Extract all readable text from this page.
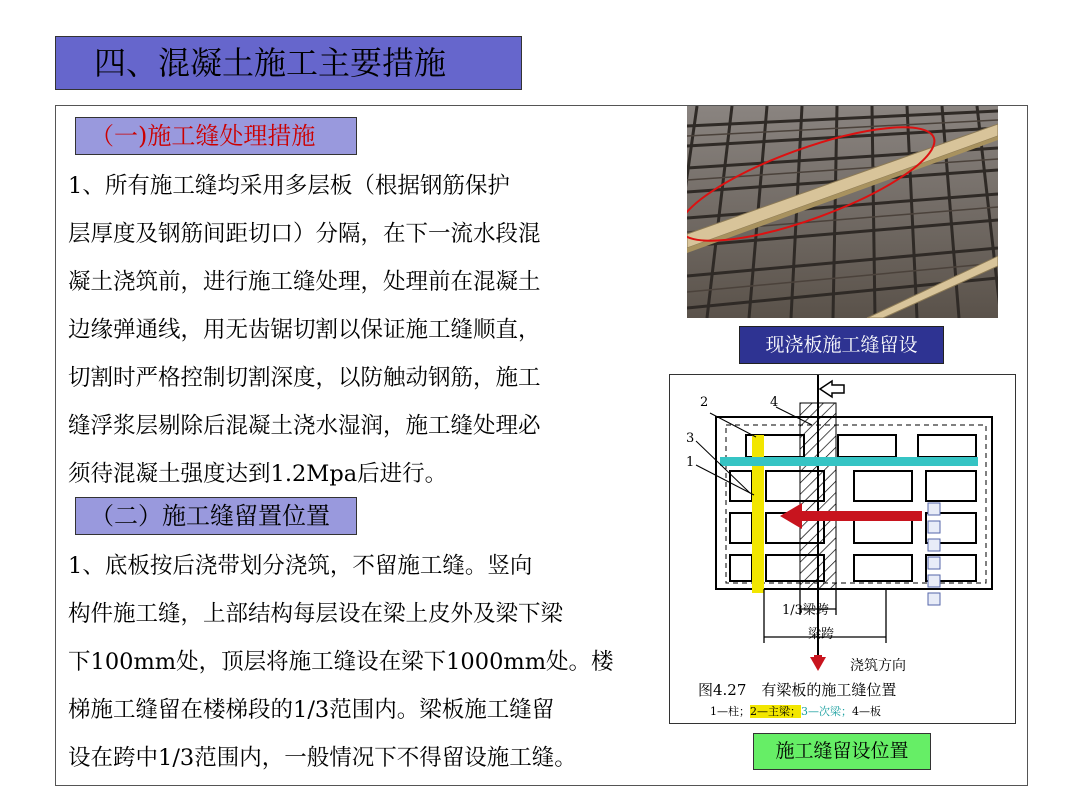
四、混凝土施工主要措施
（一)施工缝处理措施
1、所有施工缝均采用多层板（根据钢筋保护
层厚度及钢筋间距切口）分隔，在下一流水段混
凝土浇筑前，进行施工缝处理，处理前在混凝土
边缘弹通线，用无齿锯切割以保证施工缝顺直，
切割时严格控制切割深度，以防触动钢筋，施工
缝浮浆层剔除后混凝土浇水湿润，施工缝处理必
须待混凝土强度达到1.2Mpa后进行。
（二）施工缝留置位置
1、底板按后浇带划分浇筑，不留施工缝。竖向
构件施工缝，上部结构每层设在梁上皮外及梁下梁
下100mm处，顶层将施工缝设在梁下1000mm处。楼
梯施工缝留在楼梯段的1/3范围内。梁板施工缝留
设在跨中1/3范围内，一般情况下不得留设施工缝。
现浇板施工缝留设
2	4
3
1
1/3梁跨
梁跨
浇筑方向
图4.27　有梁板的施工缝位置
1—柱；2—主梁；3—次梁；4—板
施工缝留设位置
